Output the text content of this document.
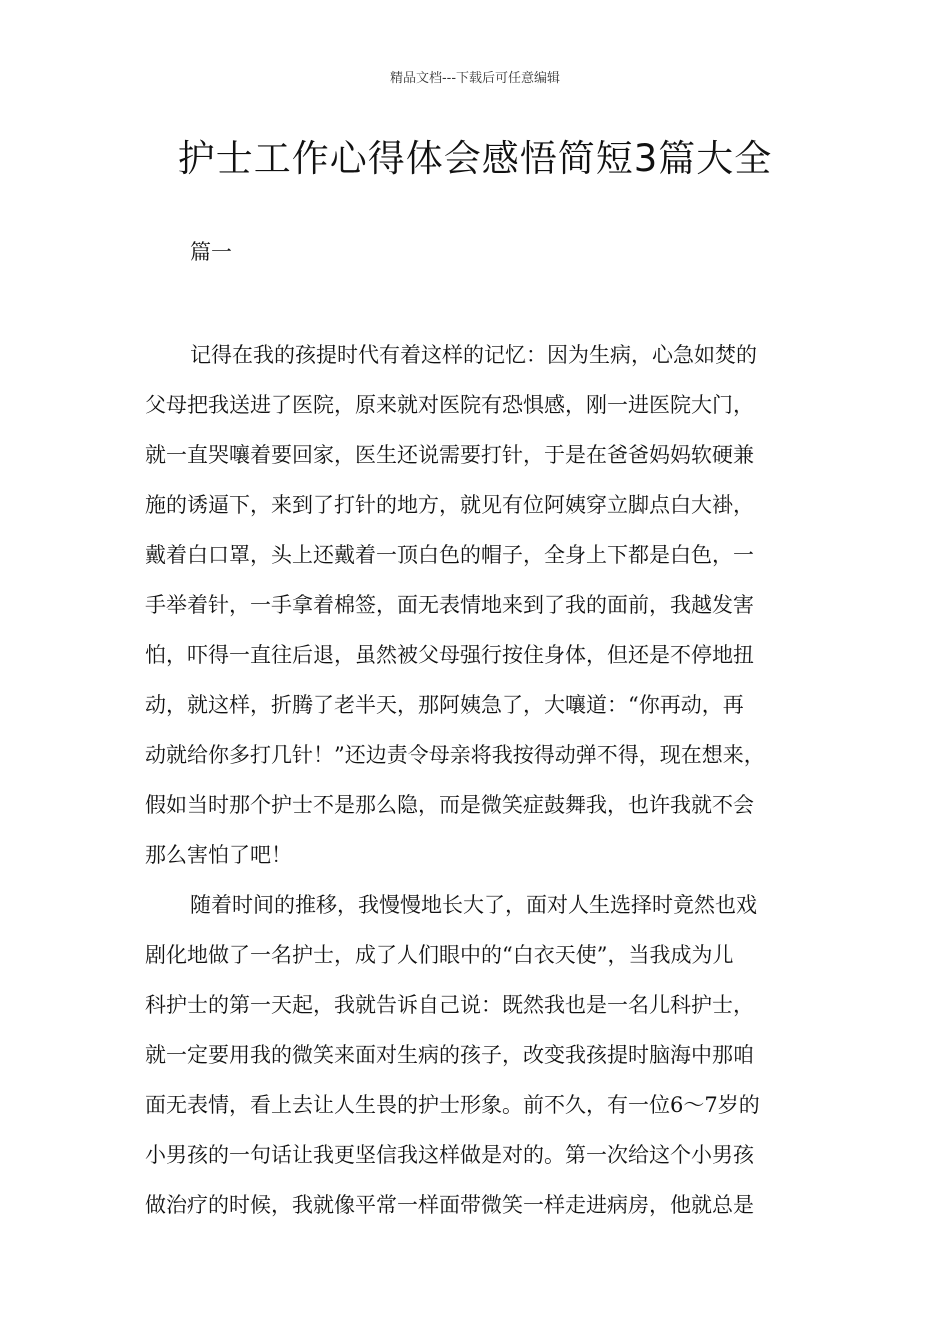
精品文档---下载后可任意编辑
护士工作心得体会感悟简短3篇大全
篇一
记得在我的孩提时代有着这样的记忆：因为生病，心急如焚的
父母把我送进了医院，原来就对医院有恐惧感，刚一进医院大门，
就一直哭嚷着要回家，医生还说需要打针，于是在爸爸妈妈软硬兼
施的诱逼下，来到了打针的地方，就见有位阿姨穿立脚点白大褂，
戴着白口罩，头上还戴着一顶白色的帽子，全身上下都是白色，一
手举着针，一手拿着棉签，面无表情地来到了我的面前，我越发害
怕，吓得一直往后退，虽然被父母强行按住身体，但还是不停地扭
动，就这样，折腾了老半天，那阿姨急了，大嚷道：“你再动，再
动就给你多打几针！”还边责令母亲将我按得动弹不得，现在想来，
假如当时那个护士不是那么隐，而是微笑症鼓舞我，也许我就不会
那么害怕了吧！
随着时间的推移，我慢慢地长大了，面对人生选择时竟然也戏
剧化地做了一名护士，成了人们眼中的“白衣天使”，当我成为儿
科护士的第一天起，我就告诉自己说：既然我也是一名儿科护士，
就一定要用我的微笑来面对生病的孩子，改变我孩提时脑海中那咱
面无表情，看上去让人生畏的护士形象。前不久，有一位6～7岁的
小男孩的一句话让我更坚信我这样做是对的。第一次给这个小男孩
做治疗的时候，我就像平常一样面带微笑一样走进病房，他就总是
